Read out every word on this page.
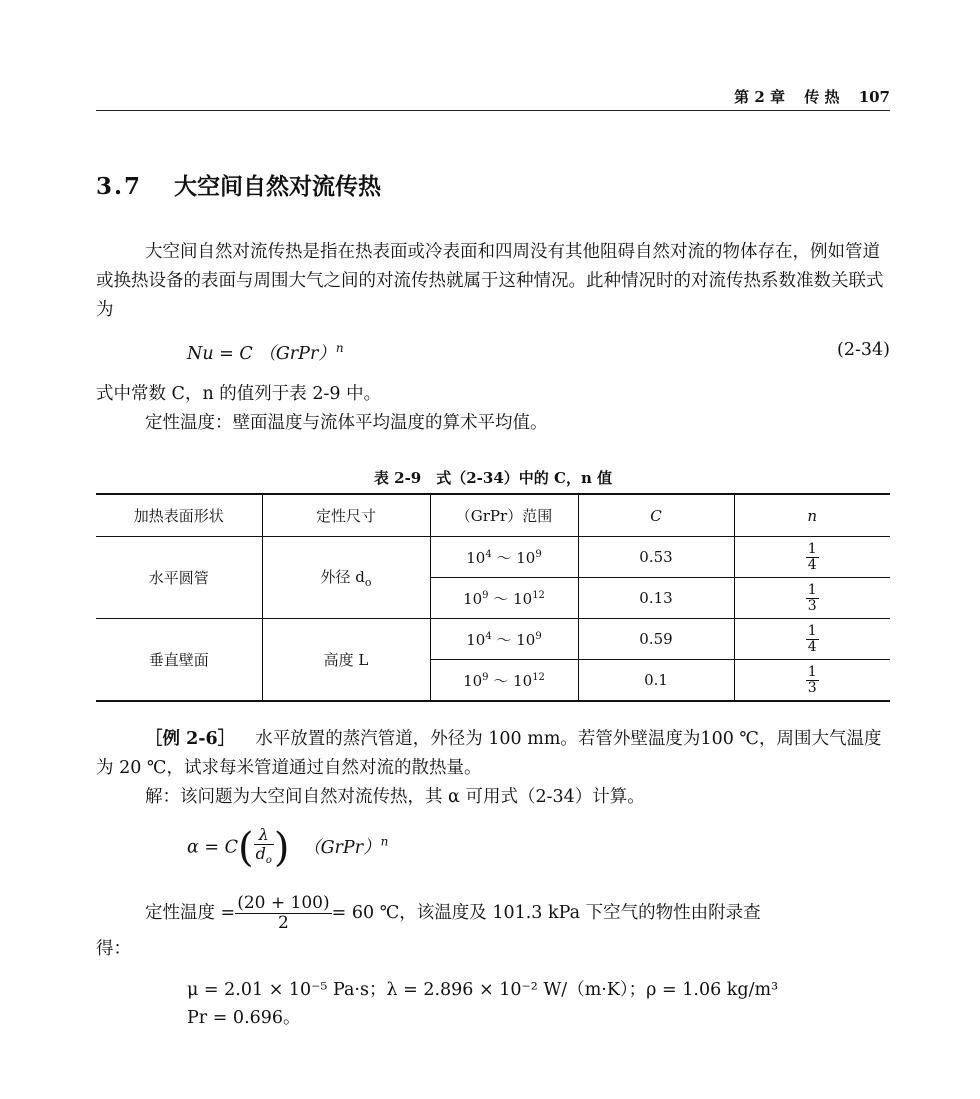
第 2 章 传 热 107
3.7 大空间自然对流传热

大空间自然对流传热是指在热表面或冷表面和四周没有其他阻碍自然对流的物体存在，例如管道或换热设备的表面与周围大气之间的对流传热就属于这种情况。此种情况时的对流传热系数准数关联式为

Nu = C （GrPr）$^n$	(2-34)

式中常数 C，n 的值列于表 2-9 中。

定性温度：壁面温度与流体平均温度的算术平均值。

表 2-9　式（2-34）中的 C，n 值
加热表面形状	定性尺寸	（GrPr）范围	C	n
水平圆管	外径 $d_o$	$10^4$ ～ $10^9$	0.53	$\frac{1}{4}$

		$10^9$ ～ $10^{12}$	0.13	$\frac{1}{3}$

垂直壁面	高度 L	$10^4$ ～ $10^9$	0.59	$\frac{1}{4}$

		$10^9$ ～ $10^{12}$	0.1	$\frac{1}{3}$

［例 2-6］ 水平放置的蒸汽管道，外径为 100 mm。若管外壁温度为100 ℃，周围大气温度为 20 ℃，试求每米管道通过自然对流的散热量。

解：该问题为大空间自然对流传热，其 α 可用式（2-34）计算。

$\alpha = C( \frac{\lambda}{d_o}$ ) （GrPr）$^n$

定性温度 = $\frac{(20 + 100)}{2} = 60$ ℃，该温度及 101.3 kPa 下空气的物性由附录查

得：

μ = 2.01 × 10⁻⁵ Pa·s；λ = 2.896 × 10⁻² W/（m·K）；ρ = 1.06 kg/m³
Pr = 0.696。
